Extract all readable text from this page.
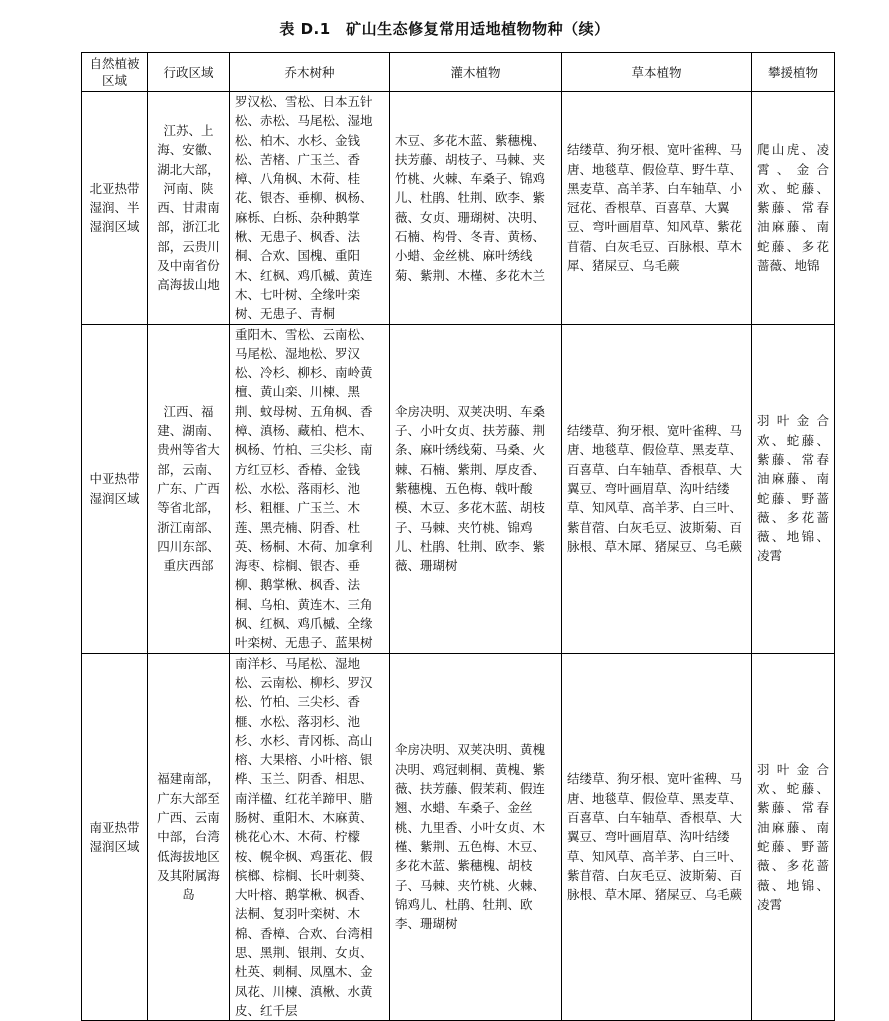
表 D.1　矿山生态修复常用适地植物物种（续）
自然植被区域	行政区域	乔木树种	灌木植物	草本植物	攀援植物
北亚热带湿润、半湿润区域	江苏、上海、安徽、湖北大部，河南、陕西、甘肃南部，浙江北部，云贵川及中南省份高海拔山地	罗汉松、雪松、日本五针松、赤松、马尾松、湿地松、柏木、水杉、金钱松、苦楮、广玉兰、香樟、八角枫、木荷、桂花、银杏、垂柳、枫杨、麻栎、白栎、杂种鹅掌楸、无患子、枫香、法桐、合欢、国槐、重阳木、红枫、鸡爪槭、黄连木、七叶树、全缘叶栾树、无患子、青桐	木豆、多花木蓝、紫穗槐、扶芳藤、胡枝子、马棘、夹竹桃、火棘、车桑子、锦鸡儿、杜鹃、牡荆、欧李、紫薇、女贞、珊瑚树、决明、石楠、构骨、冬青、黄杨、小蜡、金丝桃、麻叶绣线菊、紫荆、木槿、多花木兰	结缕草、狗牙根、宽叶雀稗、马唐、地毯草、假俭草、野牛草、黑麦草、高羊茅、白车轴草、小冠花、香根草、百喜草、大翼豆、弯叶画眉草、知风草、紫花苜蓿、白灰毛豆、百脉根、草木犀、猪屎豆、乌毛蕨	爬山虎、凌霄、金合欢、蛇藤、紫藤、常春油麻藤、南蛇藤、多花蔷薇、地锦
中亚热带湿润区域	江西、福建、湖南、贵州等省大部，云南、广东、广西等省北部，浙江南部、四川东部、重庆西部	重阳木、雪松、云南松、马尾松、湿地松、罗汉松、冷杉、柳杉、南岭黄檀、黄山栾、川楝、黑荆、蚊母树、五角枫、香樟、滇杨、藏柏、桤木、枫杨、竹柏、三尖杉、南方红豆杉、香椿、金钱松、水松、落雨杉、池杉、粗榧、广玉兰、木莲、黑壳楠、阴香、杜英、杨桐、木荷、加拿利海枣、棕榈、银杏、垂柳、鹅掌楸、枫香、法桐、乌桕、黄连木、三角枫、红枫、鸡爪槭、全缘叶栾树、无患子、蓝果树	伞房决明、双荚决明、车桑子、小叶女贞、扶芳藤、荆条、麻叶绣线菊、马桑、火棘、石楠、紫荆、厚皮香、紫穗槐、五色梅、戟叶酸模、木豆、多花木蓝、胡枝子、马棘、夹竹桃、锦鸡儿、杜鹃、牡荆、欧李、紫薇、珊瑚树	结缕草、狗牙根、宽叶雀稗、马唐、地毯草、假俭草、黑麦草、百喜草、白车轴草、香根草、大翼豆、弯叶画眉草、沟叶结缕草、知风草、高羊茅、白三叶、紫苜蓿、白灰毛豆、波斯菊、百脉根、草木犀、猪屎豆、乌毛蕨	羽叶金合欢、蛇藤、紫藤、常春油麻藤、南蛇藤、野蔷薇、多花蔷薇、地锦、凌霄
南亚热带湿润区域	福建南部，广东大部至广西、云南中部，台湾低海拔地区及其附属海岛	南洋杉、马尾松、湿地松、云南松、柳杉、罗汉松、竹柏、三尖杉、香榧、水松、落羽杉、池杉、水杉、青冈栎、高山榕、大果榕、小叶榕、银桦、玉兰、阴香、相思、南洋楹、红花羊蹄甲、腊肠树、重阳木、木麻黄、桃花心木、木荷、柠檬桉、幌伞枫、鸡蛋花、假槟榔、棕榈、长叶刺葵、大叶榕、鹅掌楸、枫香、法桐、复羽叶栾树、木棉、香樟、合欢、台湾相思、黑荆、银荆、女贞、杜英、刺桐、凤凰木、金凤花、川楝、滇楸、水黄皮、红千层	伞房决明、双荚决明、黄槐决明、鸡冠刺桐、黄槐、紫薇、扶芳藤、假茉莉、假连翘、水蜡、车桑子、金丝桃、九里香、小叶女贞、木槿、紫荆、五色梅、木豆、多花木蓝、紫穗槐、胡枝子、马棘、夹竹桃、火棘、锦鸡儿、杜鹃、牡荆、欧李、珊瑚树	结缕草、狗牙根、宽叶雀稗、马唐、地毯草、假俭草、黑麦草、百喜草、白车轴草、香根草、大翼豆、弯叶画眉草、沟叶结缕草、知风草、高羊茅、白三叶、紫苜蓿、白灰毛豆、波斯菊、百脉根、草木犀、猪屎豆、乌毛蕨	羽叶金合欢、蛇藤、紫藤、常春油麻藤、南蛇藤、野蔷薇、多花蔷薇、地锦、凌霄
